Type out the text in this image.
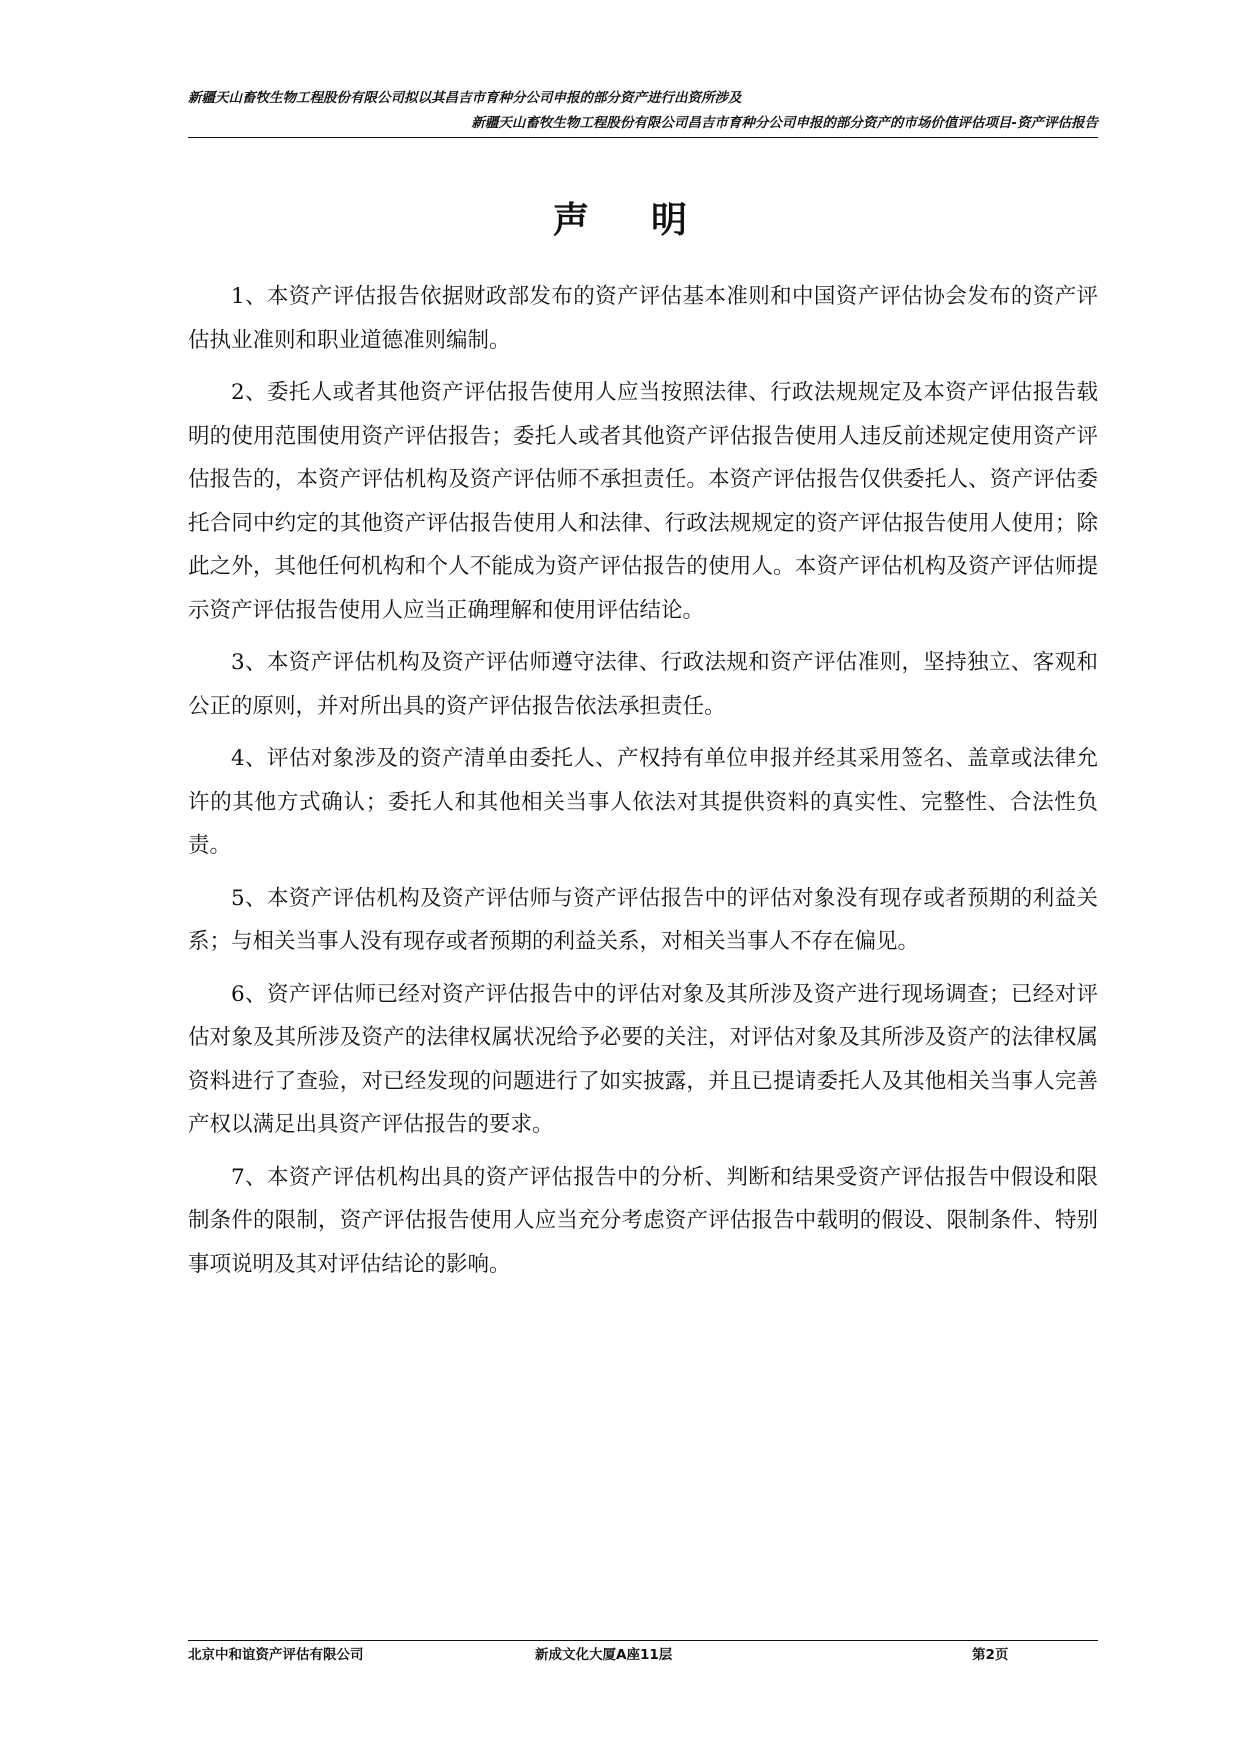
新疆天山畜牧生物工程股份有限公司拟以其昌吉市育种分公司申报的部分资产进行出资所涉及
新疆天山畜牧生物工程股份有限公司昌吉市育种分公司申报的部分资产的市场价值评估项目-资产评估报告
声明

1、本资产评估报告依据财政部发布的资产评估基本准则和中国资产评估协会发布的资产评估执业准则和职业道德准则编制。

2、委托人或者其他资产评估报告使用人应当按照法律、行政法规规定及本资产评估报告载明的使用范围使用资产评估报告；委托人或者其他资产评估报告使用人违反前述规定使用资产评估报告的，本资产评估机构及资产评估师不承担责任。本资产评估报告仅供委托人、资产评估委托合同中约定的其他资产评估报告使用人和法律、行政法规规定的资产评估报告使用人使用；除此之外，其他任何机构和个人不能成为资产评估报告的使用人。本资产评估机构及资产评估师提示资产评估报告使用人应当正确理解和使用评估结论。

3、本资产评估机构及资产评估师遵守法律、行政法规和资产评估准则，坚持独立、客观和公正的原则，并对所出具的资产评估报告依法承担责任。

4、评估对象涉及的资产清单由委托人、产权持有单位申报并经其采用签名、盖章或法律允许的其他方式确认；委托人和其他相关当事人依法对其提供资料的真实性、完整性、合法性负责。

5、本资产评估机构及资产评估师与资产评估报告中的评估对象没有现存或者预期的利益关系；与相关当事人没有现存或者预期的利益关系，对相关当事人不存在偏见。

6、资产评估师已经对资产评估报告中的评估对象及其所涉及资产进行现场调查；已经对评估对象及其所涉及资产的法律权属状况给予必要的关注，对评估对象及其所涉及资产的法律权属资料进行了查验，对已经发现的问题进行了如实披露，并且已提请委托人及其他相关当事人完善产权以满足出具资产评估报告的要求。

7、本资产评估机构出具的资产评估报告中的分析、判断和结果受资产评估报告中假设和限制条件的限制，资产评估报告使用人应当充分考虑资产评估报告中载明的假设、限制条件、特别事项说明及其对评估结论的影响。

北京中和谊资产评估有限公司	新成文化大厦A座11层	第2页
